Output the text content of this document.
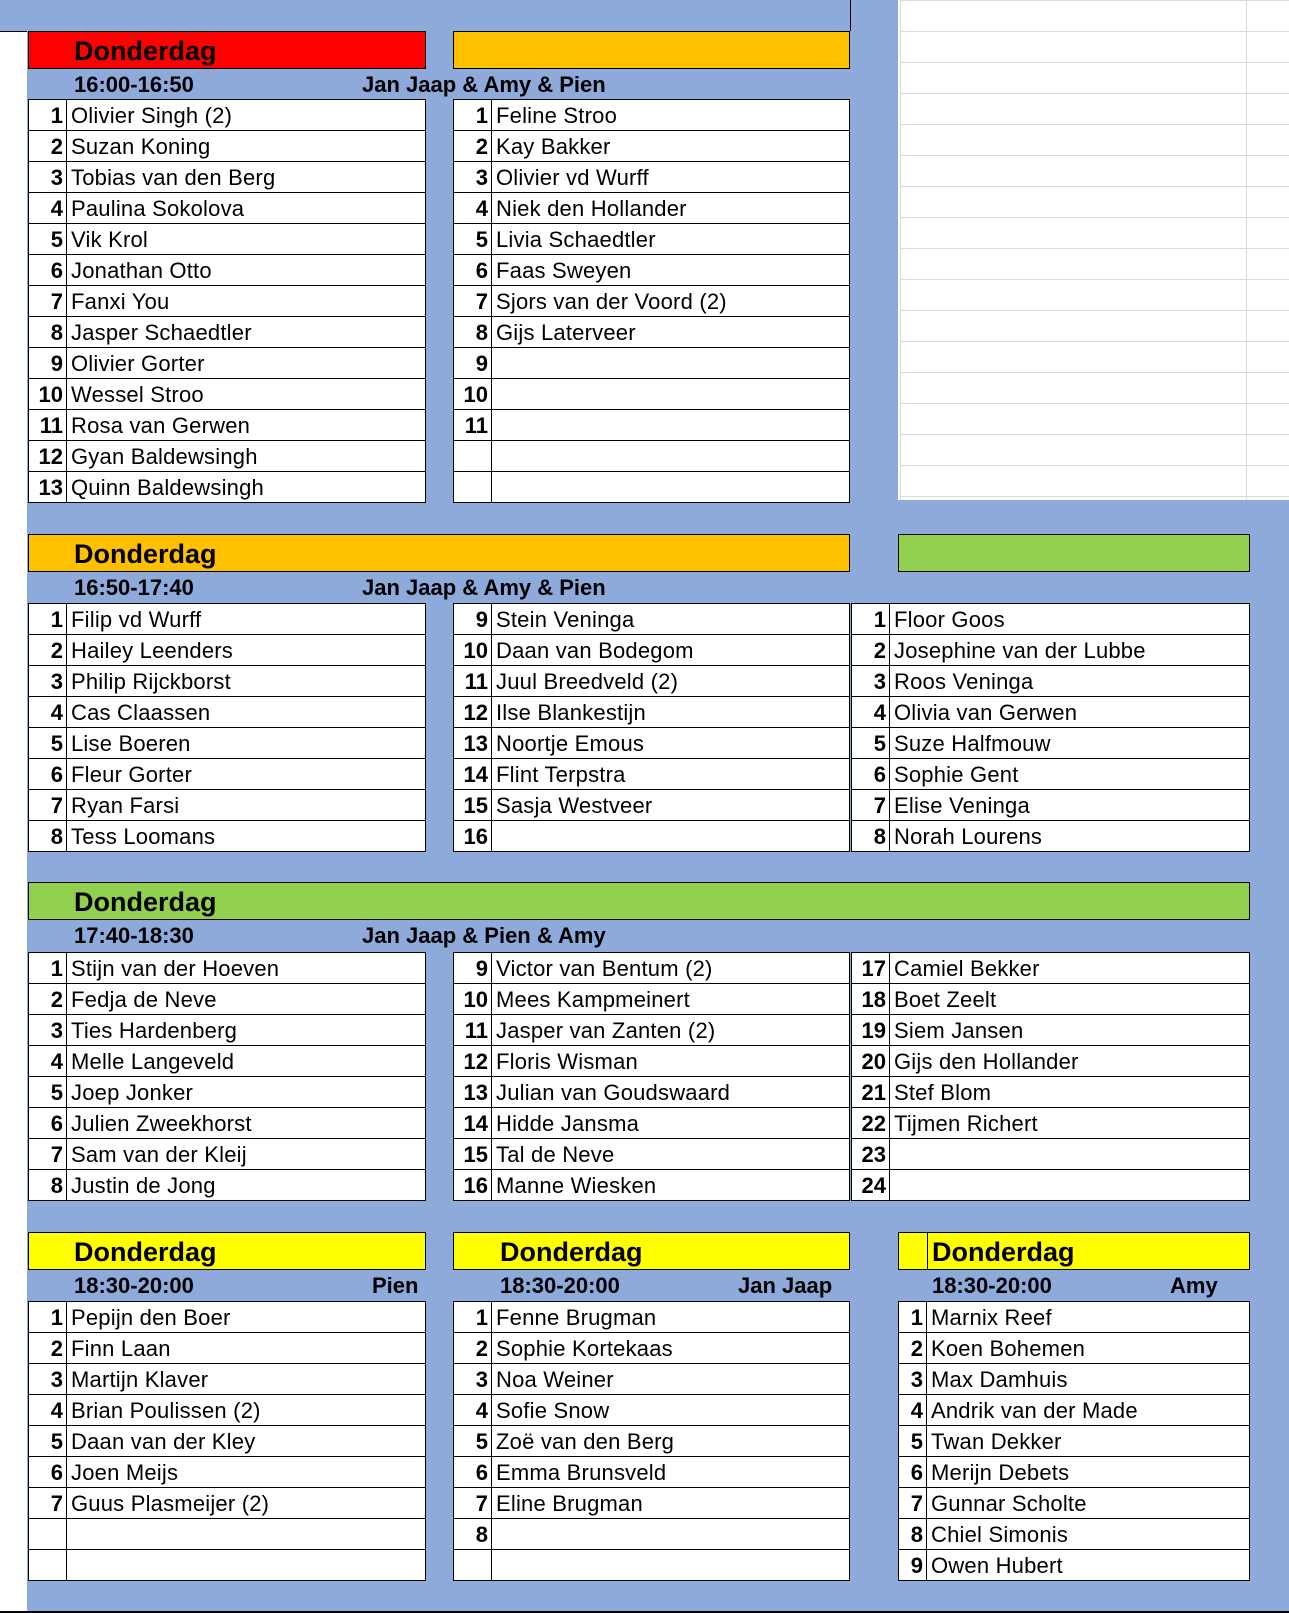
Donderdag
16:00-16:50	Jan Jaap & Amy & Pien
1 Olivier Singh (2)
2 Suzan Koning
3 Tobias van den Berg
4 Paulina Sokolova
5 Vik Krol
6 Jonathan Otto
7 Fanxi You
8 Jasper Schaedtler
9 Olivier Gorter
10 Wessel Stroo
11 Rosa van Gerwen
12 Gyan Baldewsingh
13 Quinn Baldewsingh
1 Feline Stroo
2 Kay Bakker
3 Olivier vd Wurff
4 Niek den Hollander
5 Livia Schaedtler
6 Faas Sweyen
7 Sjors van der Voord (2)
8 Gijs Laterveer
9
10
11
Donderdag
16:50-17:40	Jan Jaap & Amy & Pien
1 Filip vd Wurff
2 Hailey Leenders
3 Philip Rijckborst
4 Cas Claassen
5 Lise Boeren
6 Fleur Gorter
7 Ryan Farsi
8 Tess Loomans
9 Stein Veninga
10 Daan van Bodegom
11 Juul Breedveld (2)
12 Ilse Blankestijn
13 Noortje Emous
14 Flint Terpstra
15 Sasja Westveer
16
1 Floor Goos
2 Josephine van der Lubbe
3 Roos Veninga
4 Olivia van Gerwen
5 Suze Halfmouw
6 Sophie Gent
7 Elise Veninga
8 Norah Lourens
Donderdag
17:40-18:30	Jan Jaap & Pien & Amy
1 Stijn van der Hoeven
2 Fedja de Neve
3 Ties Hardenberg
4 Melle Langeveld
5 Joep Jonker
6 Julien Zweekhorst
7 Sam van der Kleij
8 Justin de Jong
9 Victor van Bentum (2)
10 Mees Kampmeinert
11 Jasper van Zanten (2)
12 Floris Wisman
13 Julian van Goudswaard
14 Hidde Jansma
15 Tal de Neve
16 Manne Wiesken
17 Camiel Bekker
18 Boet Zeelt
19 Siem Jansen
20 Gijs den Hollander
21 Stef Blom
22 Tijmen Richert
23
24
Donderdag
18:30-20:00	Pien
1 Pepijn den Boer
2 Finn Laan
3 Martijn Klaver
4 Brian Poulissen (2)
5 Daan van der Kley
6 Joen Meijs
7 Guus Plasmeijer (2)
Donderdag
18:30-20:00	Jan Jaap
1 Fenne Brugman
2 Sophie Kortekaas
3 Noa Weiner
4 Sofie Snow
5 Zoë van den Berg
6 Emma Brunsveld
7 Eline Brugman
8
Donderdag
18:30-20:00	Amy
1 Marnix Reef
2 Koen Bohemen
3 Max Damhuis
4 Andrik van der Made
5 Twan Dekker
6 Merijn Debets
7 Gunnar Scholte
8 Chiel Simonis
9 Owen Hubert
